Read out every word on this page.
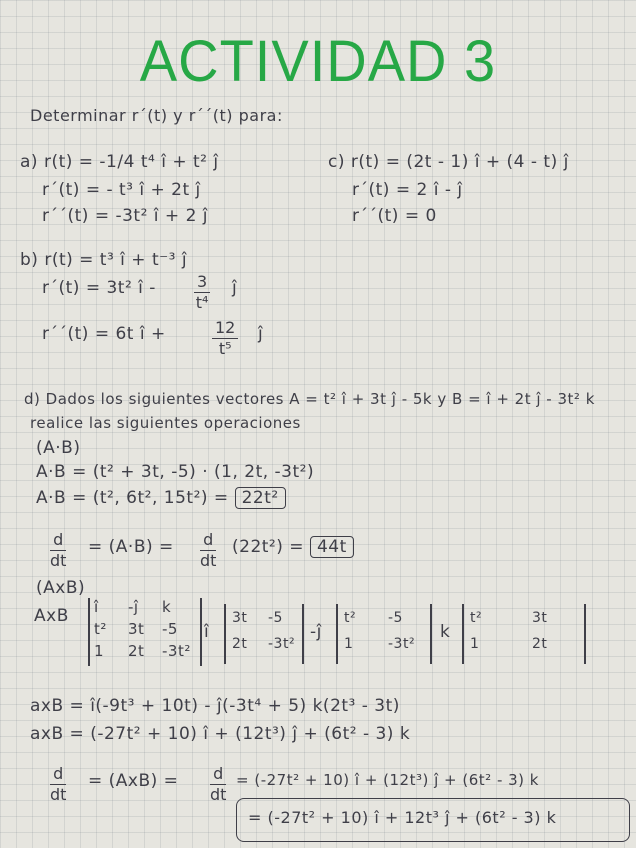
ACTIVIDAD 3
Determinar r´(t) y r´´(t) para:
a) r(t) = -1/4 t⁴ î + t² ĵ
r´(t) = - t³ î + 2t ĵ
r´´(t) = -3t² î + 2 ĵ
c) r(t) = (2t - 1) î + (4 - t) ĵ
r´(t) = 2 î - ĵ
r´´(t) = 0
b) r(t) = t³ î + t⁻³ ĵ
r´(t) = 3t² î - $\frac{3}{\text{t⁴}}$ ĵ
r´´(t) = 6t î +	$\frac{12}{\text{t⁵}}$ ĵ
d) Dados los siguientes vectores A = t² î + 3t ĵ - 5k y B = î + 2t ĵ - 3t² k
realice las siguientes operaciones
(A·B)
A·B = (t² + 3t, -5) · (1, 2t, -3t²)
A·B = (t², 6t², 15t²) = 22t²
$\frac{d}{dt} = (A\cdot B) = \frac{d}{dt} (22t^2) = 44t$
(AxB)
AxB î -ĵ k
t² 3t -5
1 2t -3t²
î
3t -5
2t -3t²
-ĵ
t² -5
1 -3t²
k
t²	3t
1	2t
axB = î(-9t³ + 10t) - ĵ(-3t⁴ + 5) k(2t³ - 3t)
axB = (-27t² + 10) î + (12t³) ĵ + (6t² - 3) k
$\frac{d}{dt} = (AxB) = \frac{d}{dt} = (-27t^2 + 10)$ î + (12t³) ĵ + (6t² - 3) k
= (-27t² + 10) î + 12t³ ĵ + (6t² - 3) k
